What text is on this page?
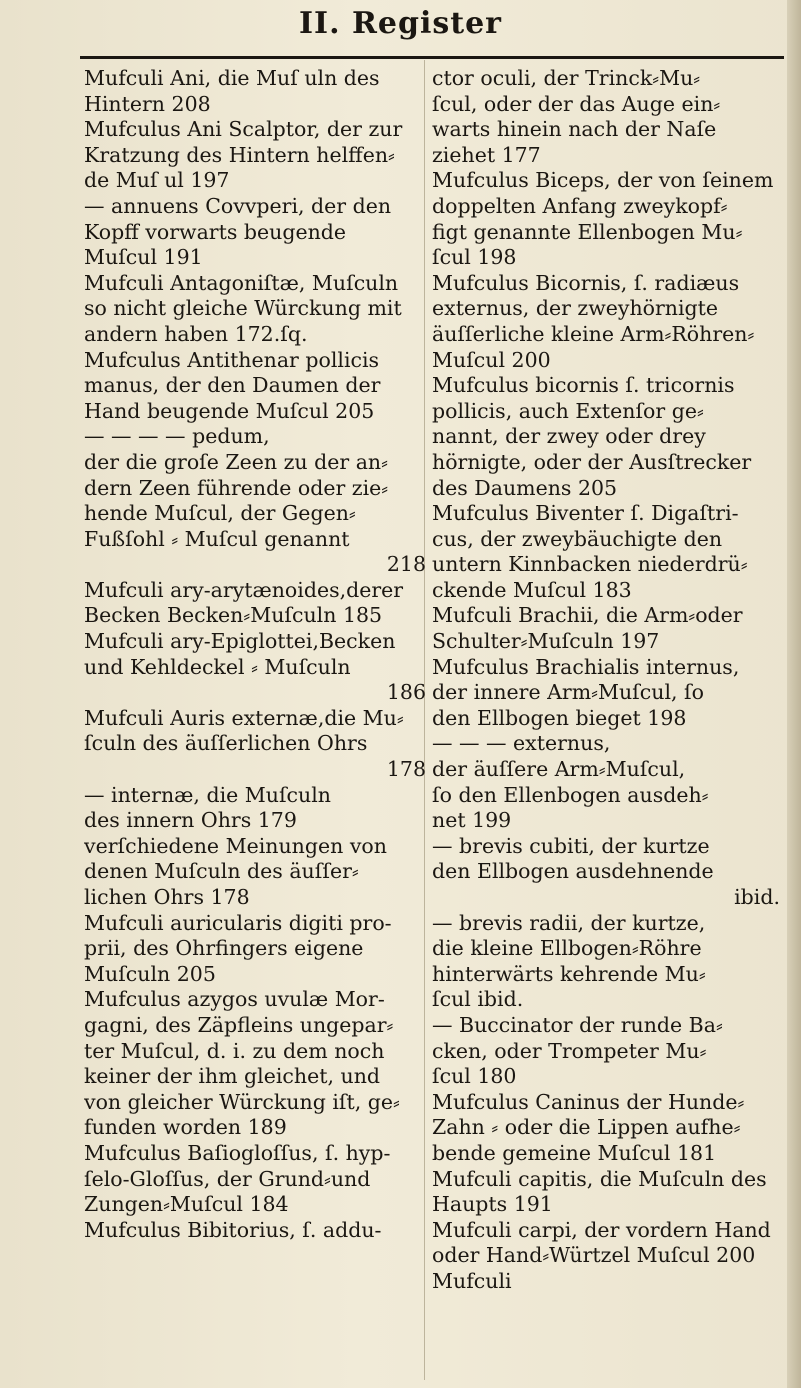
II. Register
Mufculi Ani, die Muſ uln des
Hintern 208
Mufculus Ani Scalptor, der zur
Kratzung des Hintern helffen⸗
de Muſ ul 197
— annuens Covvperi, der den
Kopff vorwarts beugende
Muſcul 191
Mufculi Antagoniſtæ, Muſculn
so nicht gleiche Würckung mit
andern haben 172.ſq.
Mufculus Antithenar pollicis
manus, der den Daumen der
Hand beugende Muſcul 205
— — — — pedum,
der die groſe Zeen zu der an⸗
dern Zeen führende oder zie⸗
hende Muſcul, der Gegen⸗
Fußſohl ⸗ Muſcul genannt
218
Mufculi ary-arytænoides,derer
Becken Becken⸗Muſculn 185
Mufculi ary-Epiglottei,Becken
und Kehldeckel ⸗ Muſculn
186
Mufculi Auris externæ,die Mu⸗
ſculn des äuſſerlichen Ohrs
178
— internæ, die Muſculn
des innern Ohrs 179
verſchiedene Meinungen von
denen Muſculn des äuſſer⸗
lichen Ohrs 178
Mufculi auricularis digiti pro-
prii, des Ohrfingers eigene
Muſculn 205
Mufculus azygos uvulæ Mor-
gagni, des Zäpfleins ungepar⸗
ter Muſcul, d. i. zu dem noch
keiner der ihm gleichet, und
von gleicher Würckung iſt, ge⸗
funden worden 189
Mufculus Baſiogloſſus, ſ. hyp-
ſelo-Gloſſus, der Grund⸗und
Zungen⸗Muſcul 184
Mufculus Bibitorius, ſ. addu-
ctor oculi, der Trinck⸗Mu⸗
ſcul, oder der das Auge ein⸗
warts hinein nach der Naſe
ziehet 177
Mufculus Biceps, der von ſeinem
doppelten Anfang zweykopf⸗
figt genannte Ellenbogen Mu⸗
ſcul 198
Mufculus Bicornis, ſ. radiæus
externus, der zweyhörnigte
äuſſerliche kleine Arm⸗Röhren⸗
Muſcul 200
Mufculus bicornis ſ. tricornis
pollicis, auch Extenſor ge⸗
nannt, der zwey oder drey
hörnigte, oder der Ausſtrecker
des Daumens 205
Mufculus Biventer ſ. Digaſtri-
cus, der zweybäuchigte den
untern Kinnbacken niederdrü⸗
ckende Muſcul 183
Mufculi Brachii, die Arm⸗oder
Schulter⸗Muſculn 197
Mufculus Brachialis internus,
der innere Arm⸗Muſcul, ſo
den Ellbogen bieget 198
— — — externus,
der äuſſere Arm⸗Muſcul,
ſo den Ellenbogen ausdeh⸗
net 199
— brevis cubiti, der kurtze
den Ellbogen ausdehnende
ibid.
— brevis radii, der kurtze,
die kleine Ellbogen⸗Röhre
hinterwärts kehrende Mu⸗
ſcul ibid.
— Buccinator der runde Ba⸗
cken, oder Trompeter Mu⸗
ſcul 180
Mufculus Caninus der Hunde⸗
Zahn ⸗ oder die Lippen aufhe⸗
bende gemeine Muſcul 181
Mufculi capitis, die Muſculn des
Haupts 191
Mufculi carpi, der vordern Hand
oder Hand⸗Würtzel Muſcul 200
Mufculi
